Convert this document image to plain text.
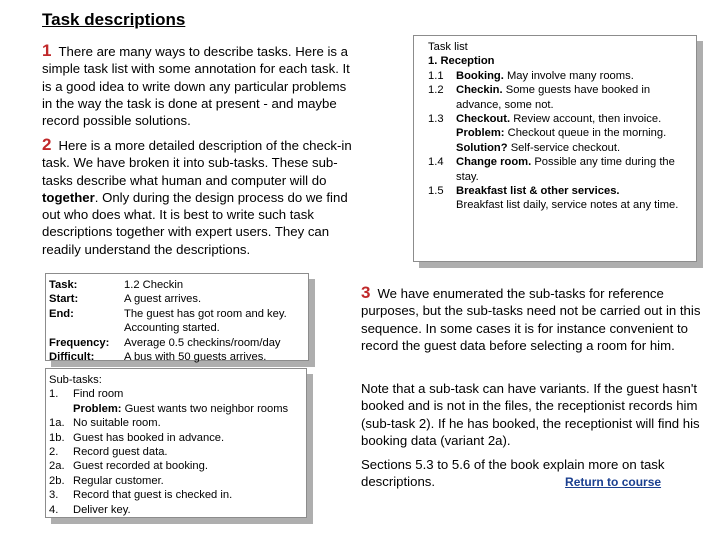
Task descriptions

1 There are many ways to describe tasks. Here is a simple task list with some annotation for each task. It is a good idea to write down any particular problems in the way the task is done at present - and maybe record possible solutions.

2 Here is a more detailed description of the check-in task. We have broken it into sub-tasks. These sub-tasks describe what human and computer will do together. Only during the design process do we find out who does what. It is best to write such task descriptions together with expert users. They can readily understand the descriptions.

Task list
1. Reception
1.1	Booking. May involve many rooms.
1.2	Checkin. Some guests have booked in advance, some not.
1.3	Checkout. Review account, then invoice.
Problem: Checkout queue in the morning.
Solution? Self-service checkout.
1.4	Change room. Possible any time during the stay.
1.5	Breakfast list & other services.
Breakfast list daily, service notes at any time.
Task:	1.2 Checkin
Start:	A guest arrives.
End:	The guest has got room and key. Accounting started.
Frequency:	Average 0.5 checkins/room/day
Difficult:	A bus with 50 guests arrives.
Sub-tasks:
1.	Find room
Problem: Guest wants two neighbor rooms
1a. No suitable room.
1b. Guest has booked in advance.
2.	Record guest data.
2a. Guest recorded at booking.
2b. Regular customer.
3.	Record that guest is checked in.
4.	Deliver key.

3 We have enumerated the sub-tasks for reference purposes, but the sub-tasks need not be carried out in this sequence. In some cases it is for instance convenient to record the guest data before selecting a room for him.

Note that a sub-task can have variants. If the guest hasn't booked and is not in the files, the receptionist records him (sub-task 2). If he has booked, the receptionist will find his booking data (variant 2a).

Sections 5.3 to 5.6 of the book explain more on task descriptions.	Return to course
